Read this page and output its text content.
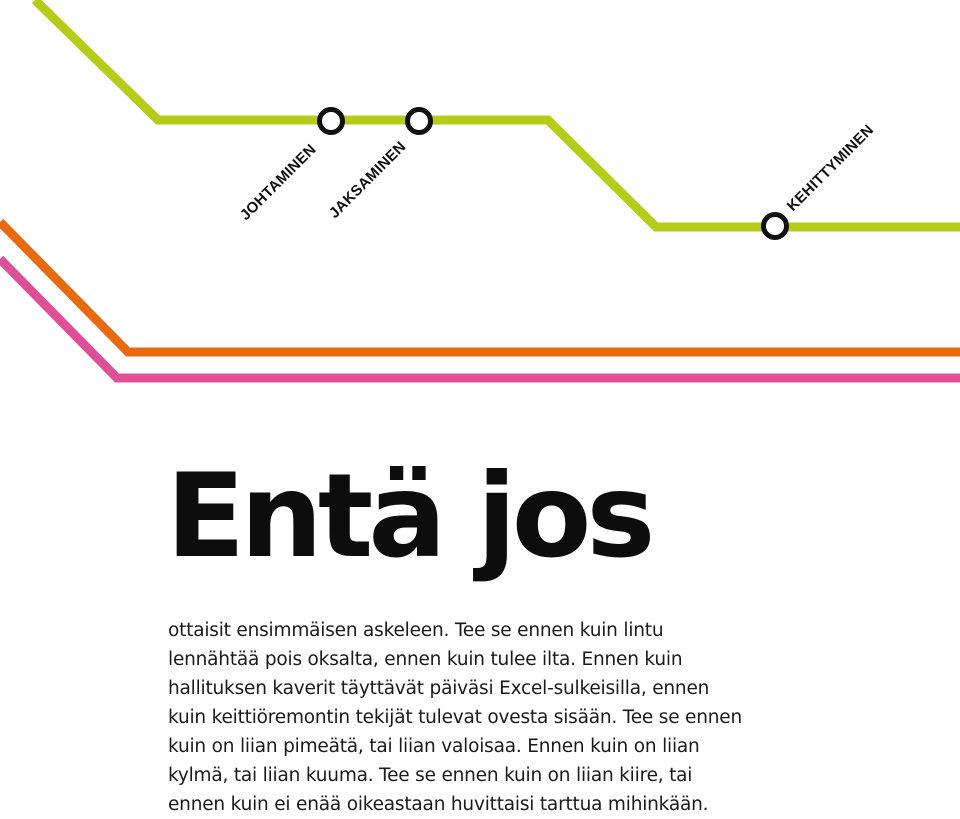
JOHTAMINEN JAKSAMINEN	KEHITTYMINEN
Entä jos

ottaisit ensimmäisen askeleen. Tee se ennen kuin lintu
lennähtää pois oksalta, ennen kuin tulee ilta. Ennen kuin
hallituksen kaverit täyttävät päiväsi Excel-sulkeisilla, ennen
kuin keittiöremontin tekijät tulevat ovesta sisään. Tee se ennen
kuin on liian pimeätä, tai liian valoisaa. Ennen kuin on liian
kylmä, tai liian kuuma. Tee se ennen kuin on liian kiire, tai
ennen kuin ei enää oikeastaan huvittaisi tarttua mihinkään.
